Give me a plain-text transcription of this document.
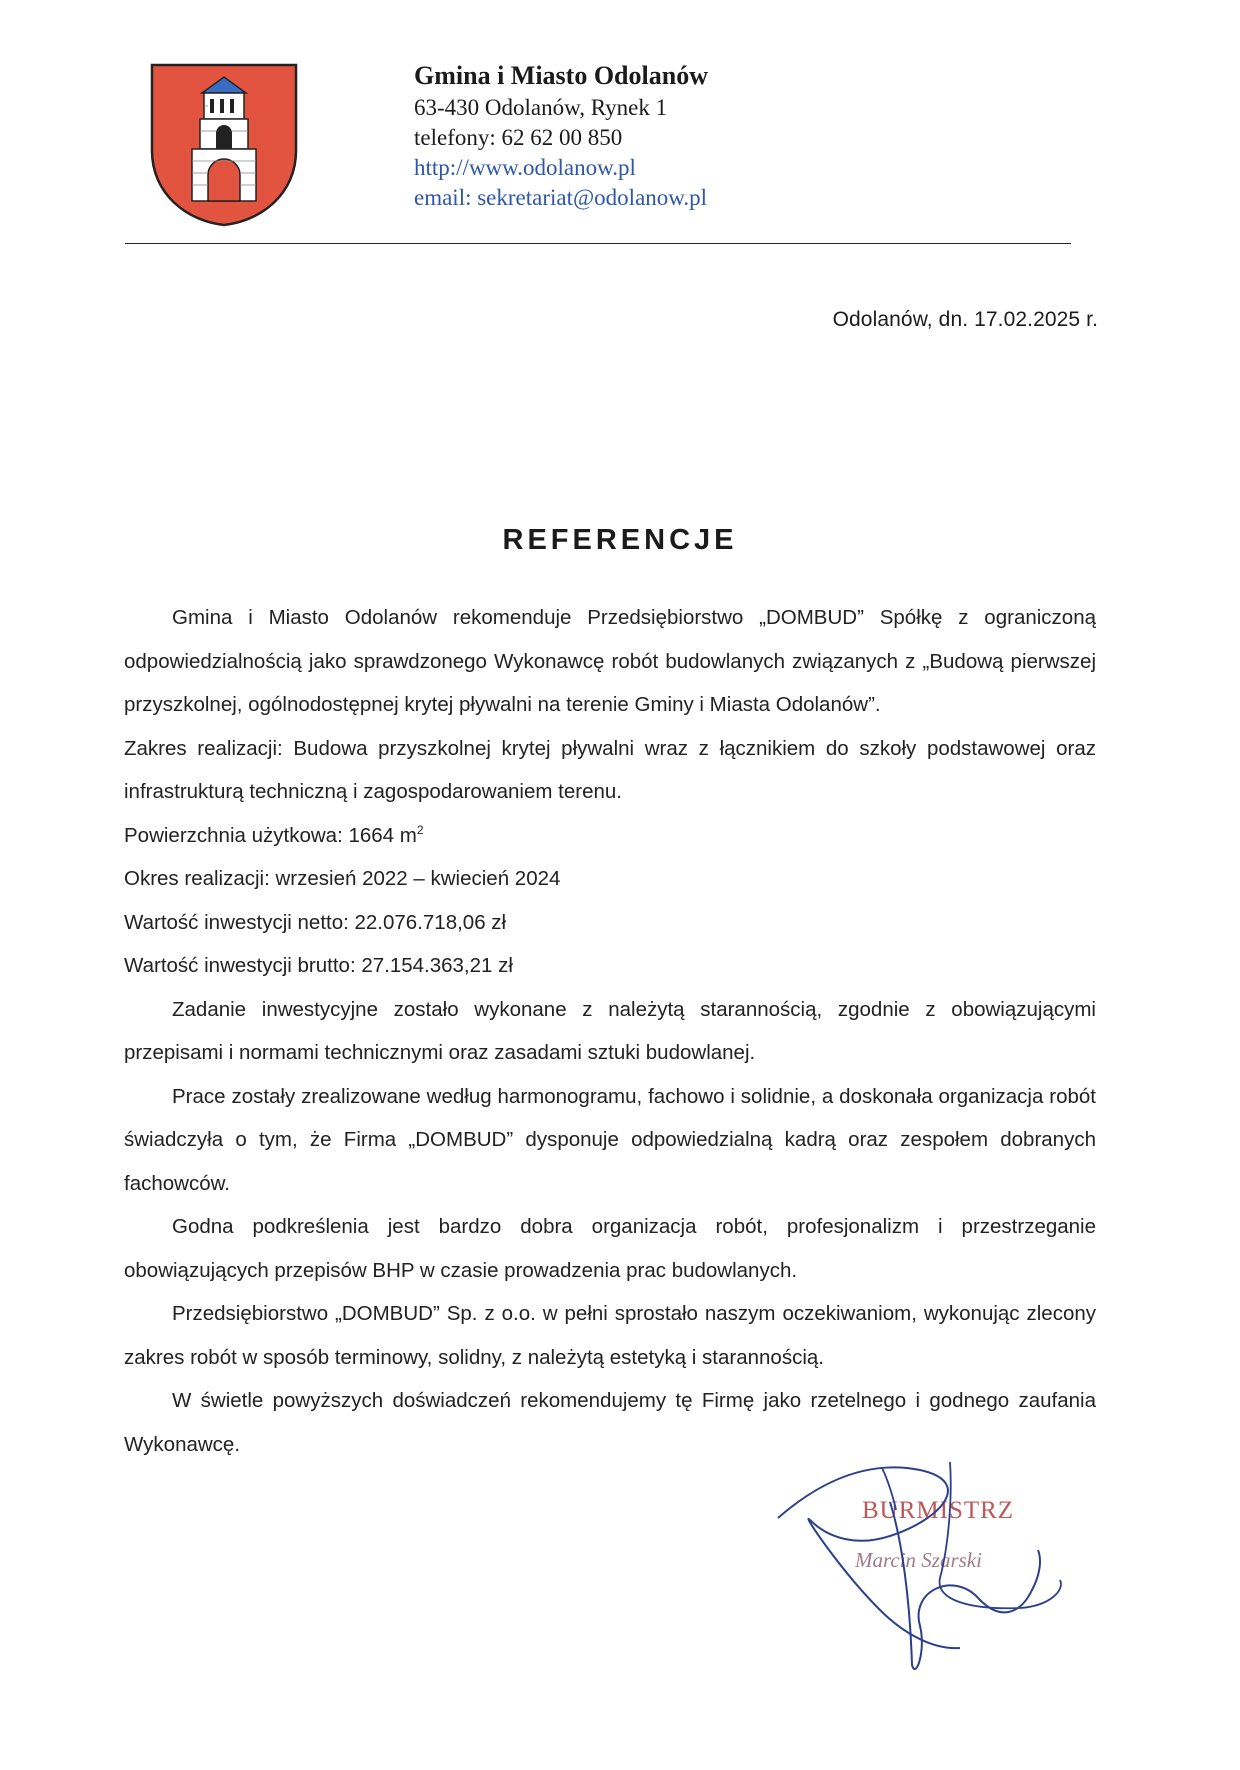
Gmina i Miasto Odolanów
63-430 Odolanów, Rynek 1
telefony: 62 62 00 850
http://www.odolanow.pl
email: sekretariat@odolanow.pl
Odolanów, dn. 17.02.2025 r.
REFERENCJE

Gmina i Miasto Odolanów rekomenduje Przedsiębiorstwo „DOMBUD” Spółkę z ograniczoną odpowiedzialnością jako sprawdzonego Wykonawcę robót budowlanych związanych z „Budową pierwszej przyszkolnej, ogólnodostępnej krytej pływalni na terenie Gminy i Miasta Odolanów”.

Zakres realizacji: Budowa przyszkolnej krytej pływalni wraz z łącznikiem do szkoły podstawowej oraz infrastrukturą techniczną i zagospodarowaniem terenu.

Powierzchnia użytkowa: 1664 $m^2$

Okres realizacji: wrzesień 2022 – kwiecień 2024

Wartość inwestycji netto: 22.076.718,06 zł

Wartość inwestycji brutto: 27.154.363,21 zł

Zadanie inwestycyjne zostało wykonane z należytą starannością, zgodnie z obowiązującymi przepisami i normami technicznymi oraz zasadami sztuki budowlanej.

Prace zostały zrealizowane według harmonogramu, fachowo i solidnie, a doskonała organizacja robót świadczyła o tym, że Firma „DOMBUD” dysponuje odpowiedzialną kadrą oraz zespołem dobranych fachowców.

Godna podkreślenia jest bardzo dobra organizacja robót, profesjonalizm i przestrzeganie obowiązujących przepisów BHP w czasie prowadzenia prac budowlanych.

Przedsiębiorstwo „DOMBUD” Sp. z o.o. w pełni sprostało naszym oczekiwaniom, wykonując zlecony zakres robót w sposób terminowy, solidny, z należytą estetyką i starannością.

W świetle powyższych doświadczeń rekomendujemy tę Firmę jako rzetelnego i godnego zaufania Wykonawcę.

BURMISTRZ
Marcin Szarski
